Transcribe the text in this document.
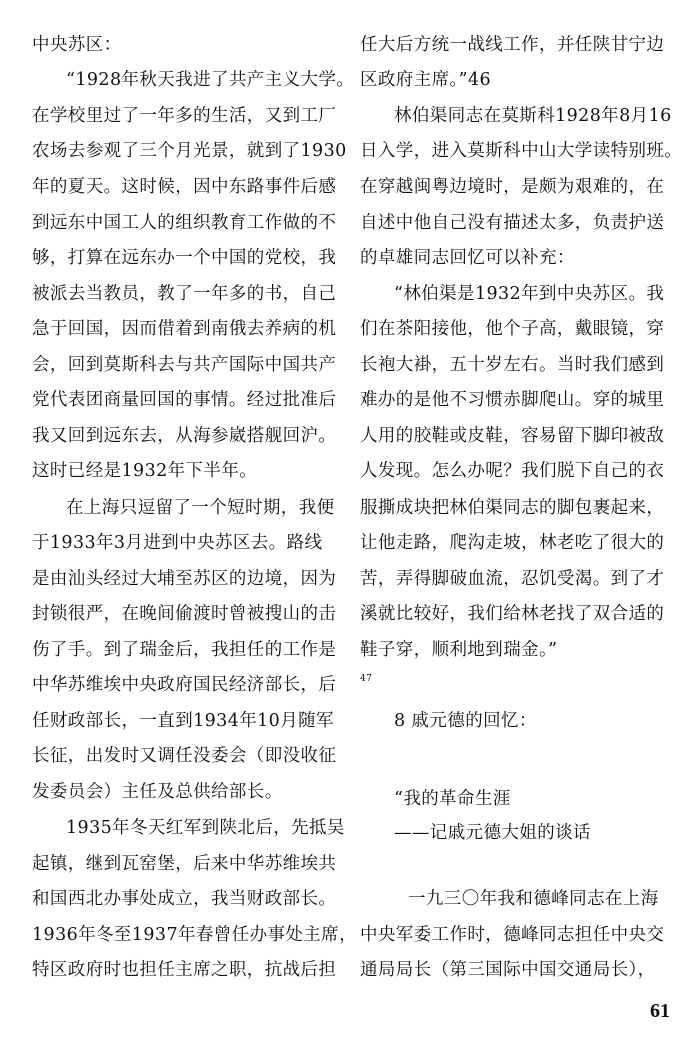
中央苏区：
“1928年秋天我进了共产主义大学。
在学校里过了一年多的生活，又到工厂
农场去参观了三个月光景，就到了1930
年的夏天。这时候，因中东路事件后感
到远东中国工人的组织教育工作做的不
够，打算在远东办一个中国的党校，我
被派去当教员，教了一年多的书，自己
急于回国，因而借着到南俄去养病的机
会，回到莫斯科去与共产国际中国共产
党代表团商量回国的事情。经过批准后
我又回到远东去，从海参崴搭舰回沪。
这时已经是1932年下半年。
在上海只逗留了一个短时期，我便
于1933年3月进到中央苏区去。路线
是由汕头经过大埔至苏区的边境，因为
封锁很严，在晚间偷渡时曾被搜山的击
伤了手。到了瑞金后，我担任的工作是
中华苏维埃中央政府国民经济部长，后
任财政部长，一直到1934年10月随军
长征，出发时又调任没委会（即没收征
发委员会）主任及总供给部长。
1935年冬天红军到陕北后，先抵吴
起镇，继到瓦窑堡，后来中华苏维埃共
和国西北办事处成立，我当财政部长。
1936年冬至1937年春曾任办事处主席，
特区政府时也担任主席之职，抗战后担
任大后方统一战线工作，并任陕甘宁边
区政府主席。”46
林伯渠同志在莫斯科1928年8月16
日入学，进入莫斯科中山大学读特别班。
在穿越闽粤边境时，是颇为艰难的，在
自述中他自己没有描述太多，负责护送
的卓雄同志回忆可以补充：
“林伯渠是1932年到中央苏区。我
们在茶阳接他，他个子高，戴眼镜，穿
长袍大褂，五十岁左右。当时我们感到
难办的是他不习惯赤脚爬山。穿的城里
人用的胶鞋或皮鞋，容易留下脚印被敌
人发现。怎么办呢？我们脱下自己的衣
服撕成块把林伯渠同志的脚包裹起来，
让他走路，爬沟走坡，林老吃了很大的
苦，弄得脚破血流，忍饥受渴。到了才
溪就比较好，我们给林老找了双合适的
鞋子穿，顺利地到瑞金。”
47
8 戚元德的回忆：
“我的革命生涯
——记戚元德大姐的谈话
一九三〇年我和德峰同志在上海
中央军委工作时，德峰同志担任中央交
通局局长（第三国际中国交通局长），
61
